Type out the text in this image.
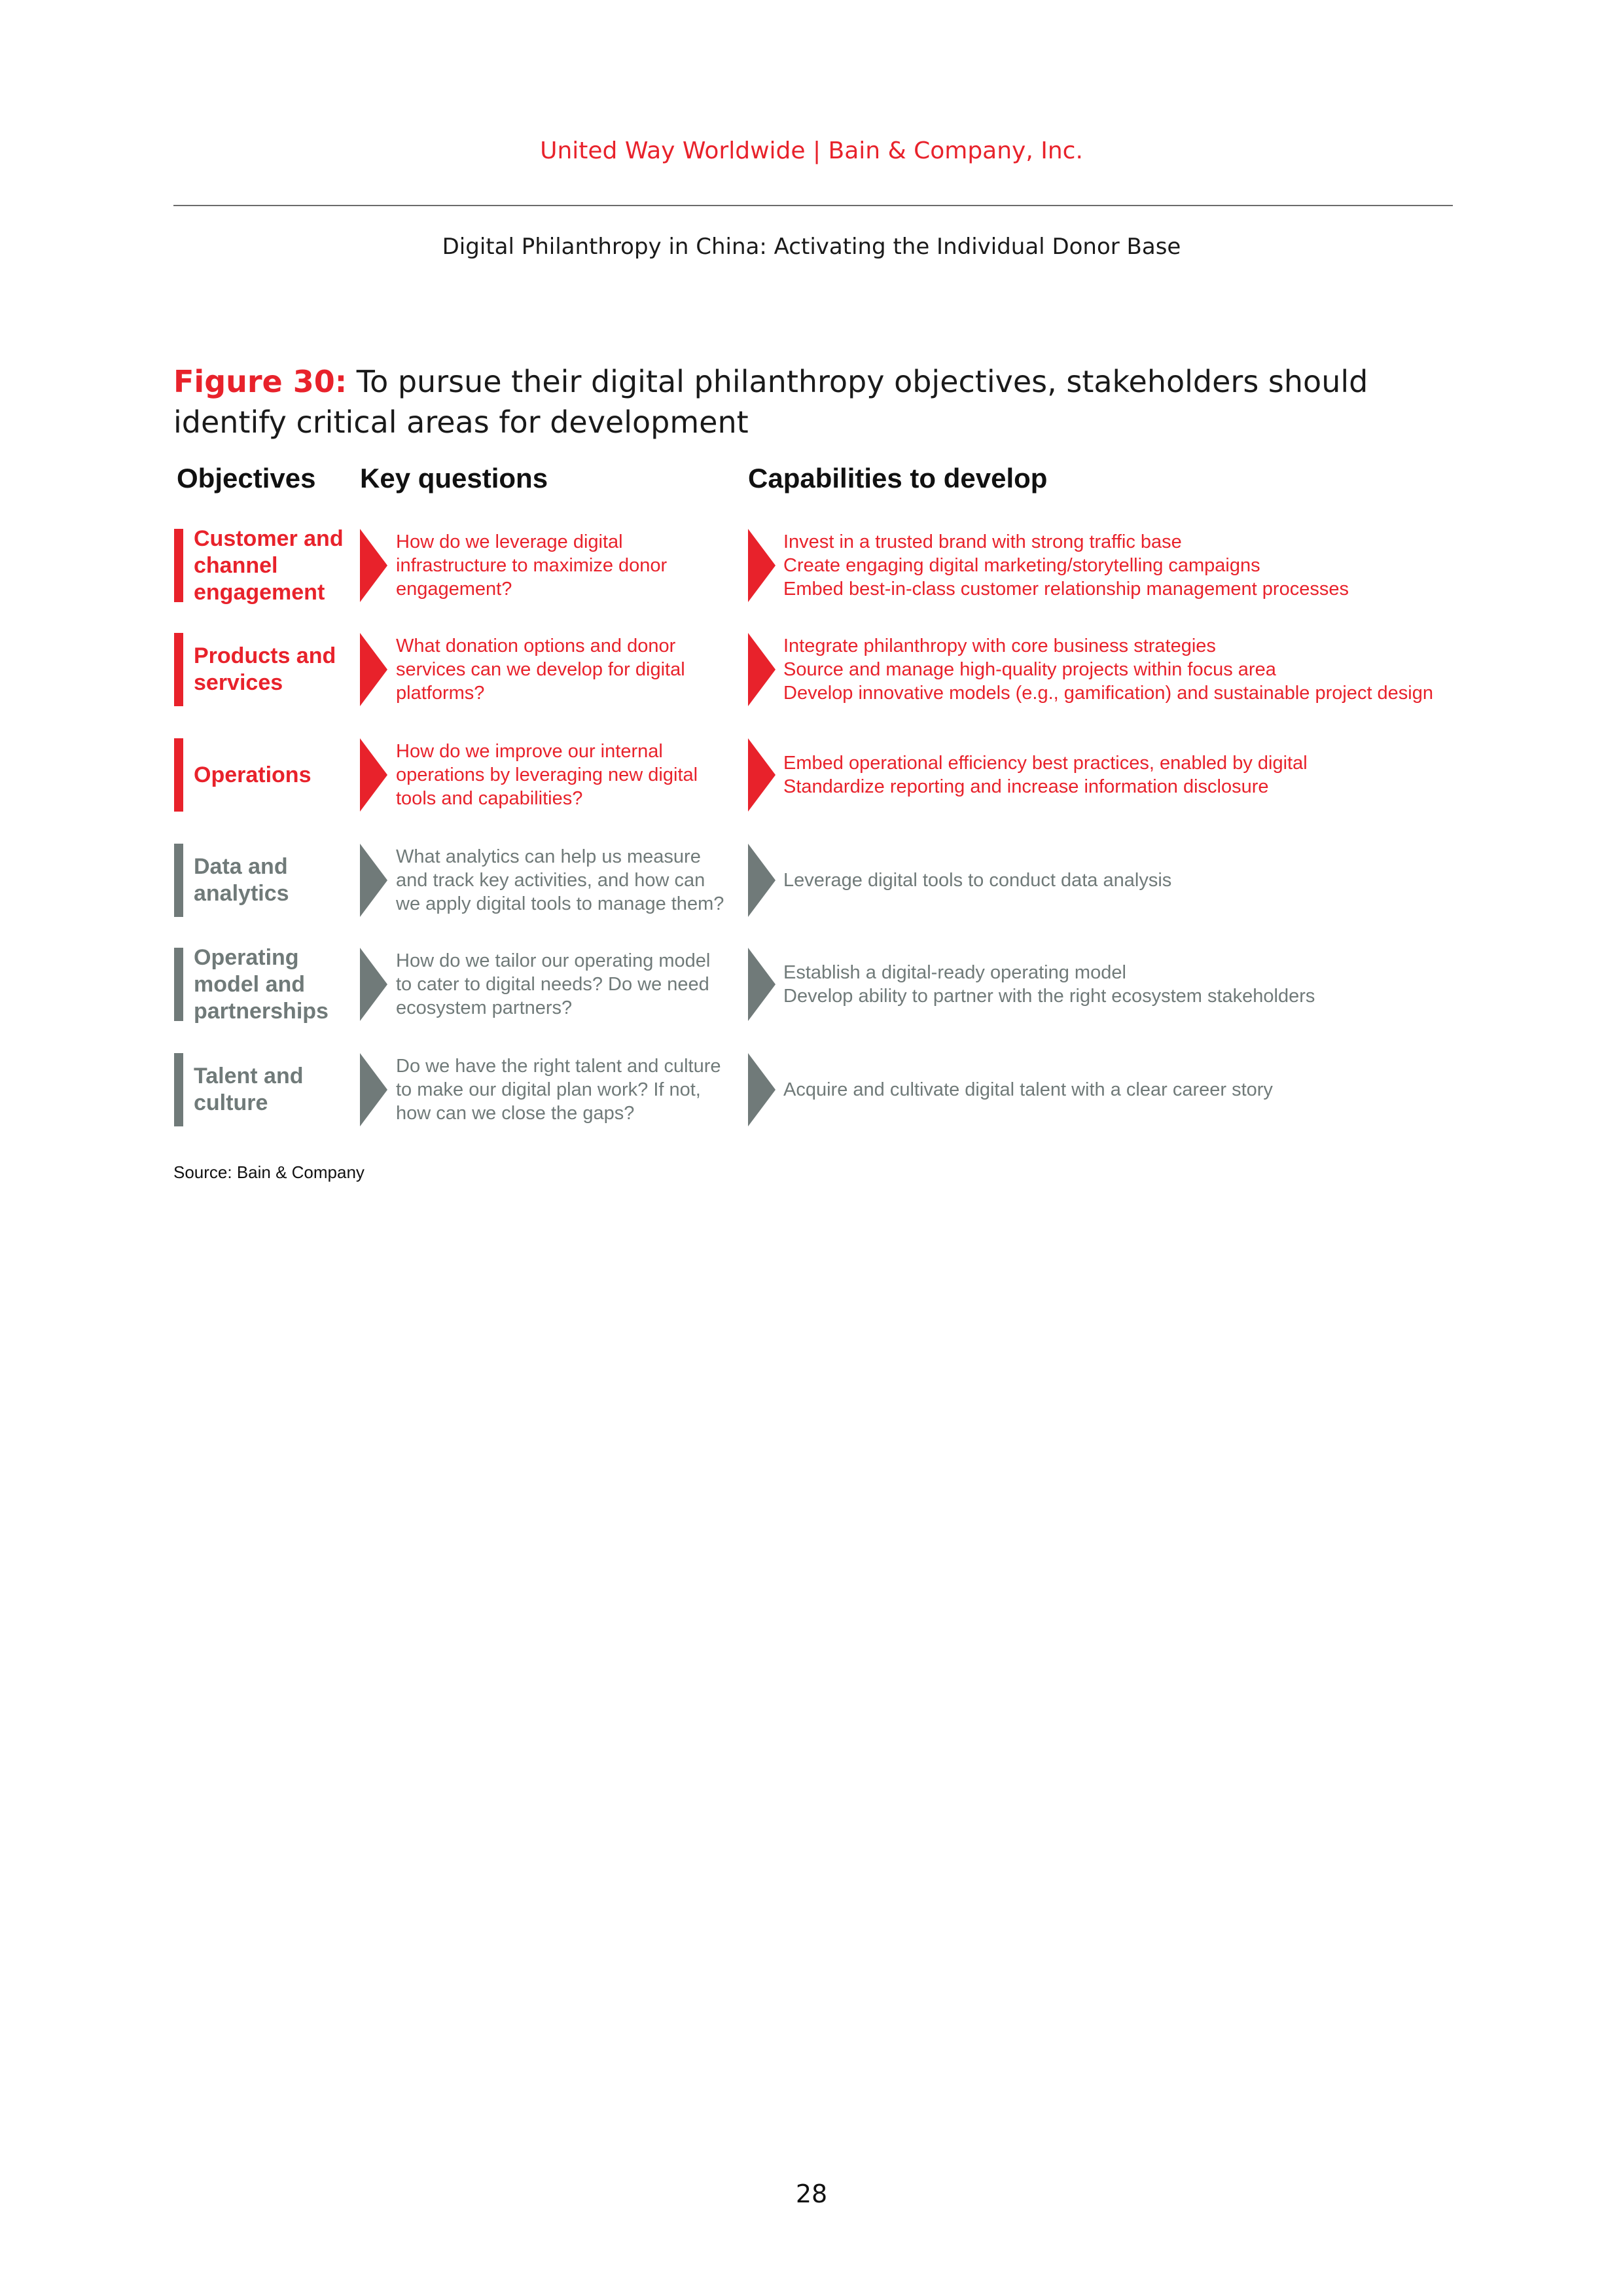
United Way Worldwide | Bain & Company, Inc.
Digital Philanthropy in China: Activating the Individual Donor Base
Figure 30: To pursue their digital philanthropy objectives, stakeholders should identify critical areas for development
Objectives Key questions	Capabilities to develop
Customer and
channel
engagement
How do we leverage digital
infrastructure to maximize donor
engagement?
Invest in a trusted brand with strong traffic base
Create engaging digital marketing/storytelling campaigns
Embed best-in-class customer relationship management processes
Products and
services
What donation options and donor
services can we develop for digital
platforms?
Integrate philanthropy with core business strategies
Source and manage high-quality projects within focus area
Develop innovative models (e.g., gamification) and sustainable project design
Operations
How do we improve our internal
operations by leveraging new digital
tools and capabilities?
Embed operational efficiency best practices, enabled by digital
Standardize reporting and increase information disclosure
Data and
analytics
What analytics can help us measure
and track key activities, and how can
we apply digital tools to manage them?
Leverage digital tools to conduct data analysis
Operating
model and
partnerships
How do we tailor our operating model
to cater to digital needs? Do we need
ecosystem partners?
Establish a digital-ready operating model
Develop ability to partner with the right ecosystem stakeholders
Talent and
culture
Do we have the right talent and culture
to make our digital plan work? If not,
how can we close the gaps?
Acquire and cultivate digital talent with a clear career story
Source: Bain & Company
28
